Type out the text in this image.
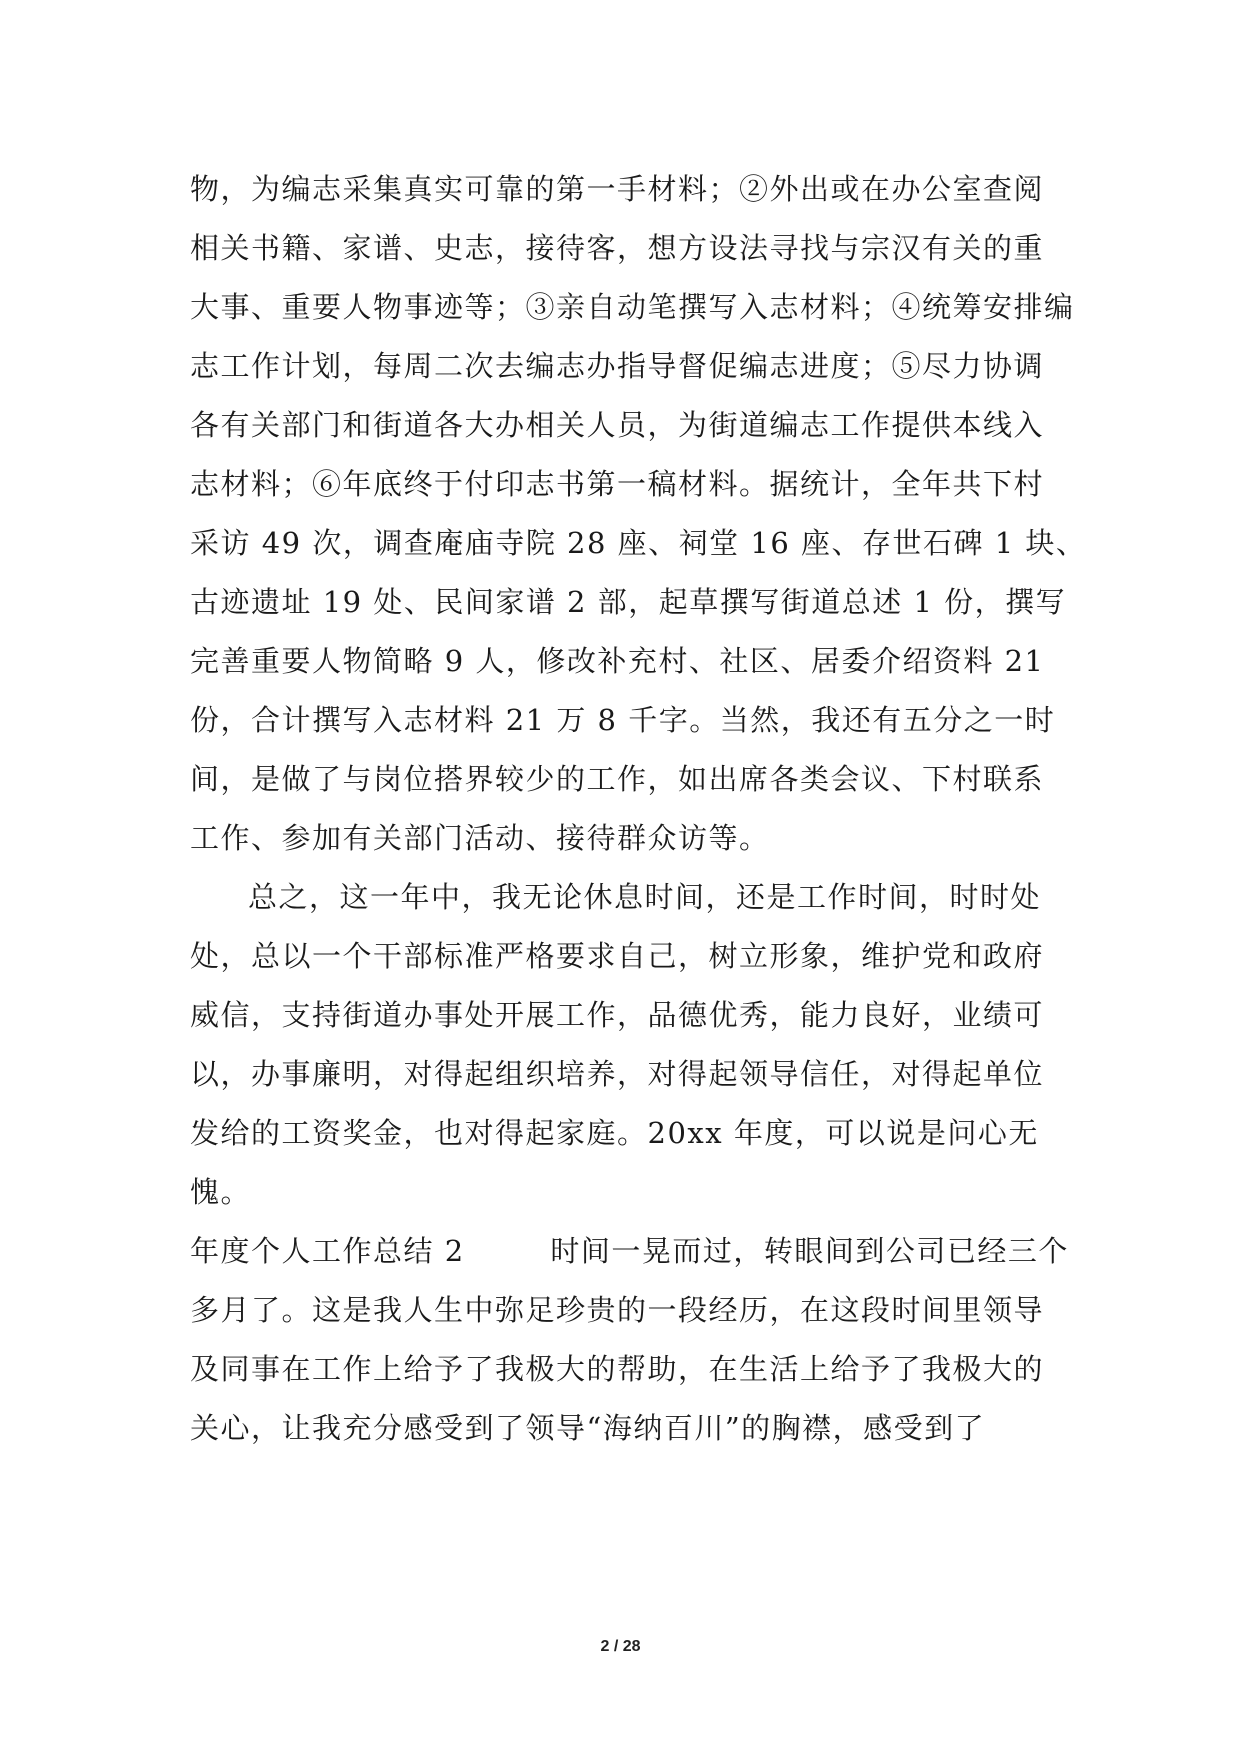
物，为编志采集真实可靠的第一手材料；②外出或在办公室查阅
相关书籍、家谱、史志，接待客，想方设法寻找与宗汉有关的重
大事、重要人物事迹等；③亲自动笔撰写入志材料；④统筹安排编
志工作计划，每周二次去编志办指导督促编志进度；⑤尽力协调
各有关部门和街道各大办相关人员，为街道编志工作提供本线入
志材料；⑥年底终于付印志书第一稿材料。据统计，全年共下村
采访 49 次，调查庵庙寺院 28 座、祠堂 16 座、存世石碑 1 块、
古迹遗址 19 处、民间家谱 2 部，起草撰写街道总述 1 份，撰写
完善重要人物简略 9 人，修改补充村、社区、居委介绍资料 21
份，合计撰写入志材料 21 万 8 千字。当然，我还有五分之一时
间，是做了与岗位搭界较少的工作，如出席各类会议、下村联系
工作、参加有关部门活动、接待群众访等。
总之，这一年中，我无论休息时间，还是工作时间，时时处
处，总以一个干部标准严格要求自己，树立形象，维护党和政府
威信，支持街道办事处开展工作，品德优秀，能力良好，业绩可
以，办事廉明，对得起组织培养，对得起领导信任，对得起单位
发给的工资奖金，也对得起家庭。20xx 年度，可以说是问心无
愧。
年度个人工作总结 2        时间一晃而过，转眼间到公司已经三个
多月了。这是我人生中弥足珍贵的一段经历，在这段时间里领导
及同事在工作上给予了我极大的帮助，在生活上给予了我极大的
关心，让我充分感受到了领导“海纳百川”的胸襟，感受到了
2 / 28
